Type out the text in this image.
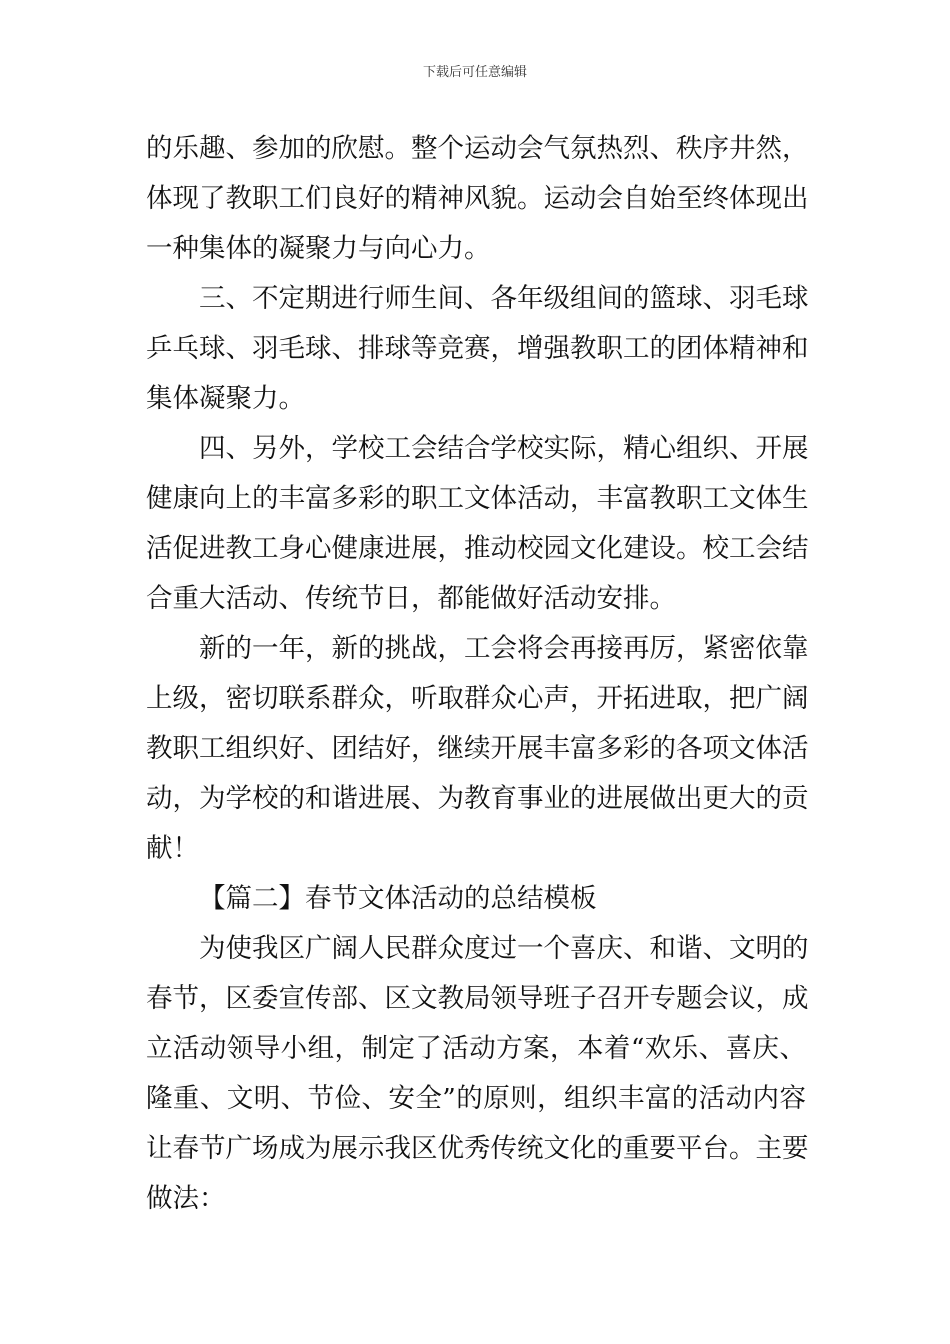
下载后可任意编辑
的乐趣、参加的欣慰。整个运动会气氛热烈、秩序井然，
体现了教职工们良好的精神风貌。运动会自始至终体现出
一种集体的凝聚力与向心力。
三、不定期进行师生间、各年级组间的篮球、羽毛球
乒乓球、羽毛球、排球等竞赛，增强教职工的团体精神和
集体凝聚力。
四、另外，学校工会结合学校实际，精心组织、开展
健康向上的丰富多彩的职工文体活动，丰富教职工文体生
活促进教工身心健康进展，推动校园文化建设。校工会结
合重大活动、传统节日，都能做好活动安排。
新的一年，新的挑战，工会将会再接再厉，紧密依靠
上级，密切联系群众，听取群众心声，开拓进取，把广阔
教职工组织好、团结好，继续开展丰富多彩的各项文体活
动，为学校的和谐进展、为教育事业的进展做出更大的贡
献！
【篇二】春节文体活动的总结模板
为使我区广阔人民群众度过一个喜庆、和谐、文明的
春节，区委宣传部、区文教局领导班子召开专题会议，成
立活动领导小组，制定了活动方案，本着“欢乐、喜庆、
隆重、文明、节俭、安全”的原则，组织丰富的活动内容
让春节广场成为展示我区优秀传统文化的重要平台。主要
做法：
